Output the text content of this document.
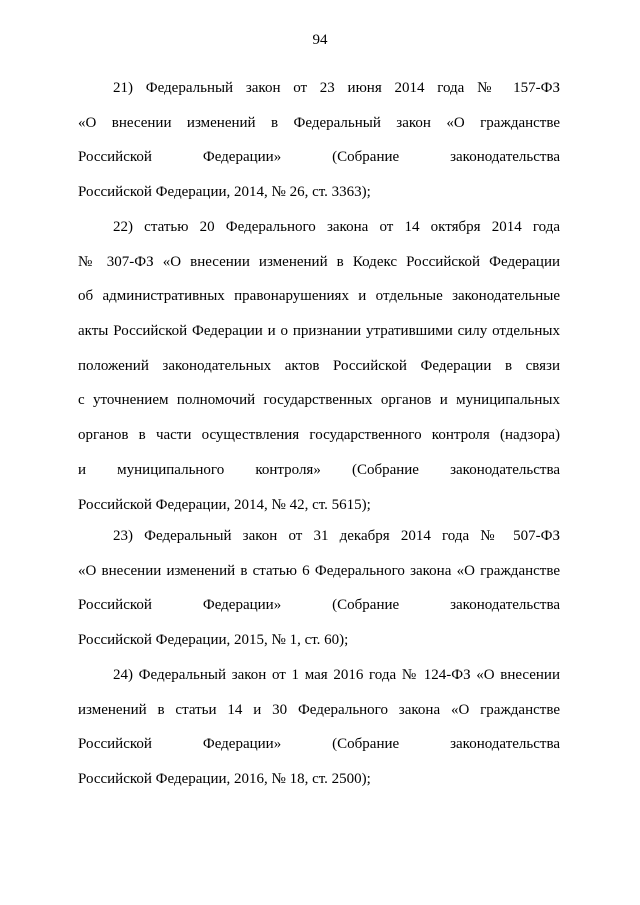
94
21) Федеральный закон от 23 июня 2014 года № 157-ФЗ
«О внесении изменений в Федеральный закон «О гражданстве
Российской Федерации» (Собрание законодательства
Российской Федерации, 2014, № 26, ст. 3363);
22) статью 20 Федерального закона от 14 октября 2014 года
№ 307-ФЗ «О внесении изменений в Кодекс Российской Федерации
об административных правонарушениях и отдельные законодательные
акты Российской Федерации и о признании утратившими силу отдельных
положений законодательных актов Российской Федерации в связи
с уточнением полномочий государственных органов и муниципальных
органов в части осуществления государственного контроля (надзора)
и муниципального контроля» (Собрание законодательства
Российской Федерации, 2014, № 42, ст. 5615);
23) Федеральный закон от 31 декабря 2014 года № 507-ФЗ
«О внесении изменений в статью 6 Федерального закона «О гражданстве
Российской Федерации» (Собрание законодательства
Российской Федерации, 2015, № 1, ст. 60);
24) Федеральный закон от 1 мая 2016 года № 124-ФЗ «О внесении
изменений в статьи 14 и 30 Федерального закона «О гражданстве
Российской Федерации» (Собрание законодательства
Российской Федерации, 2016, № 18, ст. 2500);
